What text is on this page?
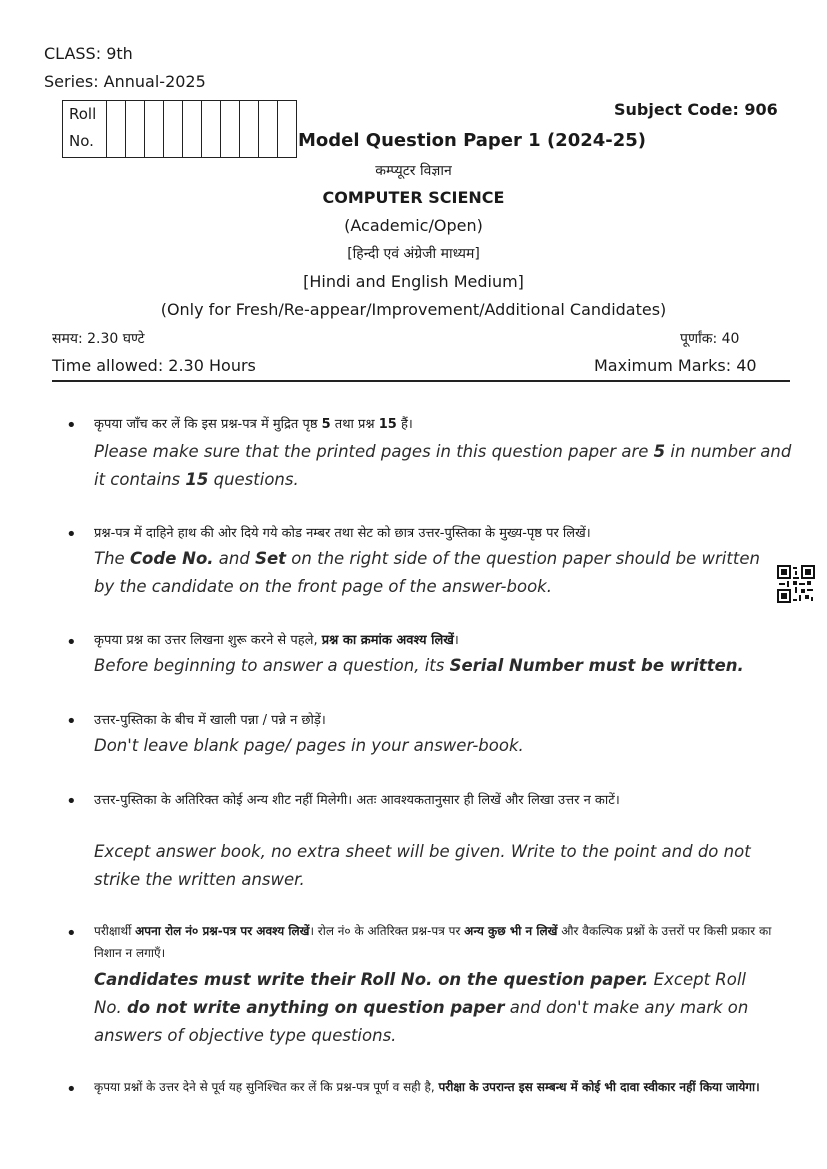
CLASS: 9th
Series: Annual-2025
Roll
No.
Subject Code: 906
Model Question Paper 1 (2024-25)
कम्प्यूटर विज्ञान
COMPUTER SCIENCE
(Academic/Open)
[हिन्दी एवं अंग्रेजी माध्यम]
[Hindi and English Medium]
(Only for Fresh/Re-appear/Improvement/Additional Candidates)
समय: 2.30 घण्टे	पूर्णांक: 40
Time allowed: 2.30 Hours	Maximum Marks: 40
• कृपया जाँच कर लें कि इस प्रश्न-पत्र में मुद्रित पृष्ठ 5 तथा प्रश्न 15 हैं।
Please make sure that the printed pages in this question paper are 5 in number and it contains 15 questions.
• प्रश्न-पत्र में दाहिने हाथ की ओर दिये गये कोड नम्बर तथा सेट को छात्र उत्तर-पुस्तिका के मुख्य-पृष्ठ पर लिखें।
The Code No. and Set on the right side of the question paper should be written by the candidate on the front page of the answer-book.
• कृपया प्रश्न का उत्तर लिखना शुरू करने से पहले, प्रश्न का क्रमांक अवश्य लिखें।
Before beginning to answer a question, its Serial Number must be written.
• उत्तर-पुस्तिका के बीच में खाली पन्ना / पन्ने न छोड़ें।
Don't leave blank page/ pages in your answer-book.
• उत्तर-पुस्तिका के अतिरिक्त कोई अन्य शीट नहीं मिलेगी। अतः आवश्यकतानुसार ही लिखें और लिखा उत्तर न काटें।
Except answer book, no extra sheet will be given. Write to the point and do not strike the written answer.
• परीक्षार्थी अपना रोल नं० प्रश्न-पत्र पर अवश्य लिखें। रोल नं० के अतिरिक्त प्रश्न-पत्र पर अन्य कुछ भी न लिखें और वैकल्पिक प्रश्नों के उत्तरों पर किसी प्रकार का निशान न लगाएँ।
Candidates must write their Roll No. on the question paper. Except Roll No. do not write anything on question paper and don't make any mark on answers of objective type questions.
• कृपया प्रश्नों के उत्तर देने से पूर्व यह सुनिश्चित कर लें कि प्रश्न-पत्र पूर्ण व सही है, परीक्षा के उपरान्त इस सम्बन्ध में कोई भी दावा स्वीकार नहीं किया जायेगा।
